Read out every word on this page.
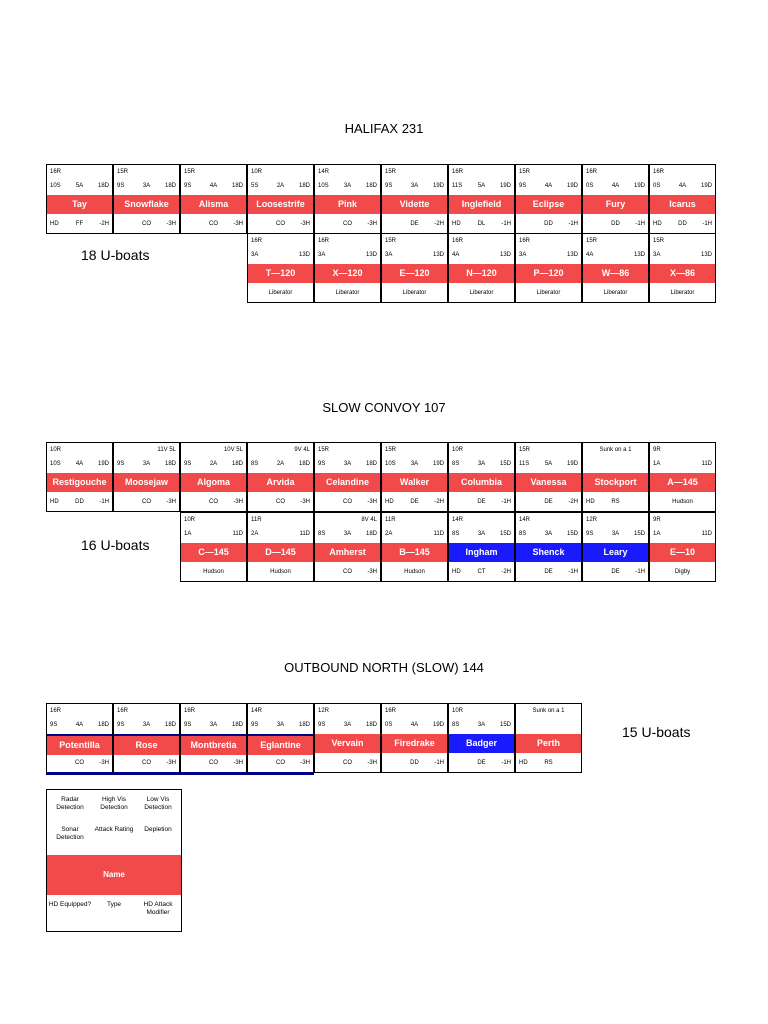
HALIFAX 231
16R
10S	5A	18D
Tay
HD	FF	-2H
15R
9S	3A	18D
Snowflake
CO	-3H
15R
9S	4A	18D
Alisma
CO	-3H
10R
5S	2A	18D
Loosestrife
CO	-3H
14R
10S	3A	18D
Pink
CO	-3H
15R
9S	3A	19D
Vidette
DE	-2H
16R
11S	5A	19D
Inglefield
HD	DL	-1H
15R
9S	4A	19D
Eclipse
DD	-1H
16R
0S	4A	19D
Fury
DD	-1H
16R
0S	4A	19D
Icarus
HD	DD	-1H
16R
3A	13D
T—120
Liberator
16R
3A	13D
X—120
Liberator
15R
3A	13D
E—120
Liberator
16R
4A	13D
N—120
Liberator
16R
3A	13D
P—120
Liberator
15R
4A	13D
W—86
Liberator
15R
3A	13D
X—86
Liberator
18 U-boats
SLOW CONVOY 107
10R
10S	4A	19D
Restigouche
HD	DD	-1H
11V 5L
9S	3A	18D
Moosejaw
CO	-3H
10V 5L
9S	2A	18D
Algoma
CO	-3H
9V 4L
8S	2A	18D
Arvida
CO	-3H
15R
9S	3A	18D
Celandine
CO	-3H
15R
10S	3A	19D
Walker
HD	DE	-2H
10R
8S	3A	15D
Columbia
DE	-1H
15R
11S	5A	19D
Vanessa
DE	-2H
Sunk on a 1
Stockport
HD	RS
9R
1A	11D
A—145
Hudson
10R
1A	11D
C—145
Hudson
11R
2A	11D
D—145
Hudson
8V 4L
8S	3A	18D
Amherst
CO	-3H
11R
2A	11D
B—145
Hudson
14R
8S	3A	15D
Ingham
HD	CT	-2H
14R
8S	3A	15D
Shenck
DE	-1H
12R
9S	3A	15D
Leary
DE	-1H
9R
1A	11D
E—10
Digby
16 U-boats
OUTBOUND NORTH (SLOW) 144
16R
9S	4A	18D
Potentilla
CO	-3H
16R
9S	3A	18D
Rose
CO	-3H
16R
9S	3A	18D
Montbretia
CO	-3H
14R
9S	3A	18D
Eglantine
CO	-3H
12R
9S	3A	18D
Vervain
CO	-3H
16R
0S	4A	19D
Firedrake
DD	-1H
10R
8S	3A	15D
Badger
DE	-1H
Sunk on a 1
Perth
HD	RS
15 U-boats
Radar Detection
High Vis Detection
Low Vis Detection
Sonar Detection
Attack Rating	Depletion
Name
HD Equipped?	Type	HD Attack Modifier
